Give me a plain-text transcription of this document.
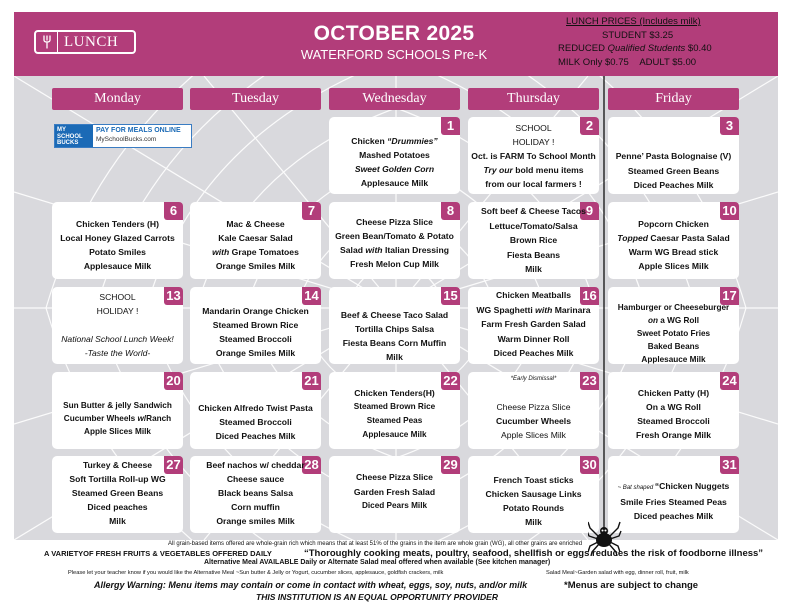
LUNCH	OCTOBER 2025
WATERFORD SCHOOLS Pre-K
LUNCH PRICES (Includes milk)
STUDENT $3.25
REDUCED Qualified Students $0.40
MILK Only $0.75 ADULT $5.00
Monday	Tuesday	Wednesday	Thursday	Friday
MY SCHOOL BUCKS
PAY FOR MEALS ONLINE
MySchoolBucks.com
1
Chicken “Drummies”
Mashed Potatoes
Sweet Golden Corn
Applesauce Milk
2
SCHOOL
HOLIDAY !
Oct. is FARM To School Month
Try our bold menu items
from our local farmers !
3
Penne’ Pasta Bolognaise (V)
Steamed Green Beans
Diced Peaches Milk
6
Chicken Tenders (H)
Local Honey Glazed Carrots
Potato Smiles
Applesauce Milk
7
Mac & Cheese
Kale Caesar Salad
with Grape Tomatoes
Orange Smiles Milk
8
Cheese Pizza Slice
Green Bean/Tomato & Potato
Salad with Italian Dressing
Fresh Melon Cup Milk
9
Soft beef & Cheese Tacos
Lettuce/Tomato/Salsa
Brown Rice
Fiesta Beans
Milk
10
Popcorn Chicken
Topped Caesar Pasta Salad
Warm WG Bread stick
Apple Slices Milk
13
SCHOOL
HOLIDAY !

National School Lunch Week!
-Taste the World-
14
Mandarin Orange Chicken
Steamed Brown Rice
Steamed Broccoli
Orange Smiles Milk
15
Beef & Cheese Taco Salad
Tortilla Chips Salsa
Fiesta Beans Corn Muffin
Milk
16
Chicken Meatballs
WG Spaghetti with Marinara
Farm Fresh Garden Salad
Warm Dinner Roll
Diced Peaches Milk
17
Hamburger or Cheeseburger
on a WG Roll
Sweet Potato Fries
Baked Beans
Applesauce Milk
20
Sun Butter & jelly Sandwich
Cucumber Wheels w/Ranch
Apple Slices Milk
21
Chicken Alfredo Twist Pasta
Steamed Broccoli
Diced Peaches Milk
22
Chicken Tenders(H)
Steamed Brown Rice
Steamed Peas
Applesauce Milk
23
*Early Dismissal*

Cheese Pizza Slice
Cucumber Wheels
Apple Slices Milk
24
Chicken Patty (H)
On a WG Roll
Steamed Broccoli
Fresh Orange Milk
27
Turkey & Cheese
Soft Tortilla Roll-up WG
Steamed Green Beans
Diced peaches
Milk
28
Beef nachos w/ cheddar
Cheese sauce
Black beans Salsa
Corn muffin
Orange smiles Milk
29
Cheese Pizza Slice
Garden Fresh Salad
Diced Pears Milk
30
French Toast sticks
Chicken Sausage Links
Potato Rounds
Milk
31
~ Bat shaped “Chicken Nuggets
Smile Fries Steamed Peas
Diced peaches Milk
All grain-based items offered are whole-grain rich which means that at least 51% of the grains in the item are whole grain (WG), all other grains are enriched
A VARIETYOF FRESH FRUITS & VEGETABLES OFFERED DAILY	“Thoroughly cooking meats, poultry, seafood, shellfish or eggs reduces the risk of foodborne illness”
Alternative Meal AVAILABLE Daily or Alternate Salad meal offered when available (See kitchen manager)
Please let your teacher know if you would like the Alternative Meal ~Sun butter & Jelly or Yogurt, cucumber slices, applesauce, goldfish crackers, milk	Salad Meal~Garden salad with egg, dinner roll, fruit, milk
Allergy Warning: Menu items may contain or come in contact with wheat, eggs, soy, nuts, and/or milk	*Menus are subject to change
THIS INSTITUTION IS AN EQUAL OPPORTUNITY PROVIDER
